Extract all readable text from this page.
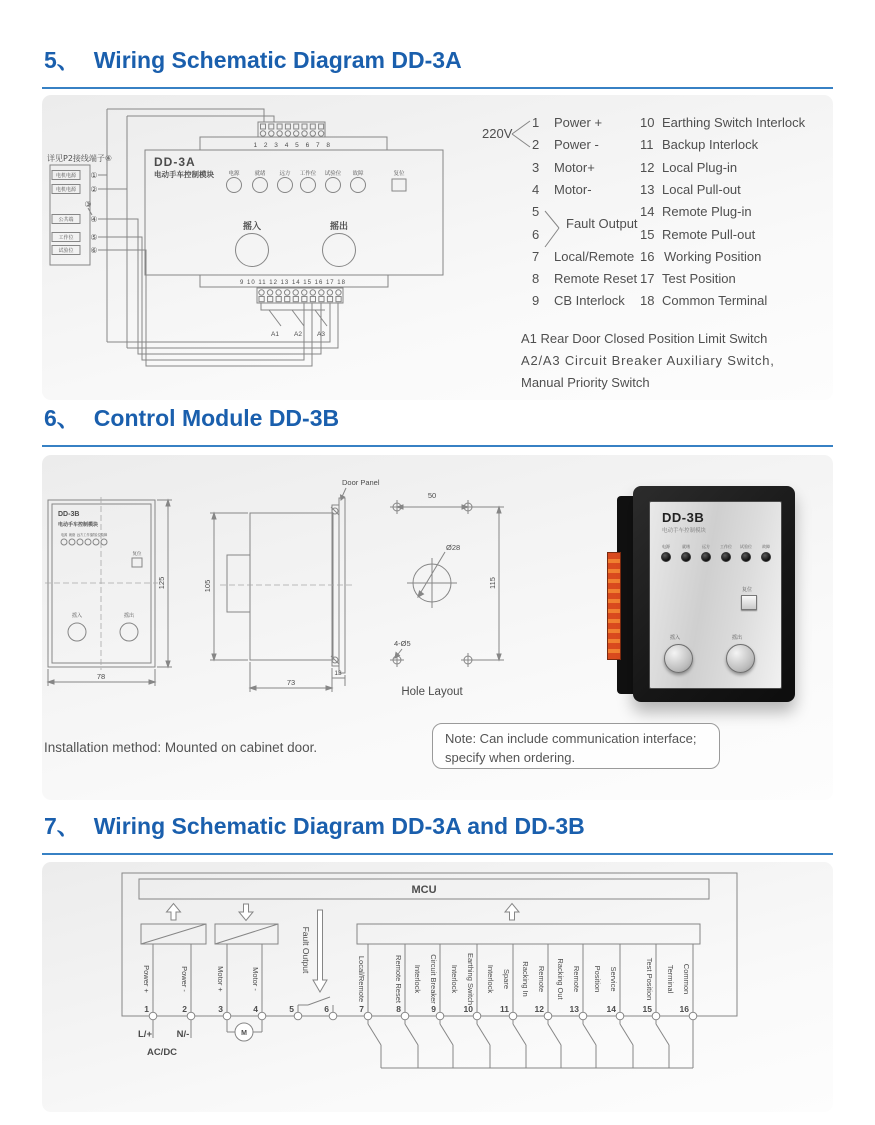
5、 Wiring Schematic Diagram DD-3A
详见P2接线端子④
电机电源
电机电源
公共端
工作位
试验位
①
②
③
④
⑤
⑥
DD-3A
电动手车控制模块	电源	就绪	远方 工作位 试验位 故障	复位
摇入	摇出
1 2 3 4 5 6 7 8
9 10 11 12 13 14 15 16 17 18
A1 A2 A3
220V
1 Power +
2 Power -
3 Motor+
4 Motor-
5
6
Fault Output
7 Local/Remote
8 Remote Reset
9 CB Interlock
10 Earthing Switch Interlock
11 Backup Interlock
12 Local Plug-in
13 Local Pull-out
14 Remote Plug-in
15 Remote Pull-out
16 Working Position
17 Test Position
18 Common Terminal
A1 Rear Door Closed Position Limit Switch
A2/A3 Circuit Breaker Auxiliary Switch,
Manual Priority Switch
6、 Control Module DD-3B
DD-3B
电动手车控制模块
电源 就绪 远方 工作位
试验位 故障
复位
摇入	摇出
78
125
Door Panel
105
73
13
50
115
Ø28
4-Ø5
Hole Layout
DD-3B
电动手车控制模块
电源	就绪	远方	工作位	试验位	故障
复位
摇入	摇出
Installation method: Mounted on cabinet door.
Note: Can include communication interface;
specify when ordering.
7、 Wiring Schematic Diagram DD-3A and DD-3B
MCU
Fault Output
1	2	3	4	5	6	7	8	9	10	11	12	13	14	15	16
Power +	Power -	Motor +	Motor -	Local/Remote	Remote Reset Interlock Circuit Breaker Interlock Earthing Switch Interlock Spare Racking In Remote Racking Out Remote Position Service	Test Position Terminal Common
M
L/+	N/-
AC/DC
